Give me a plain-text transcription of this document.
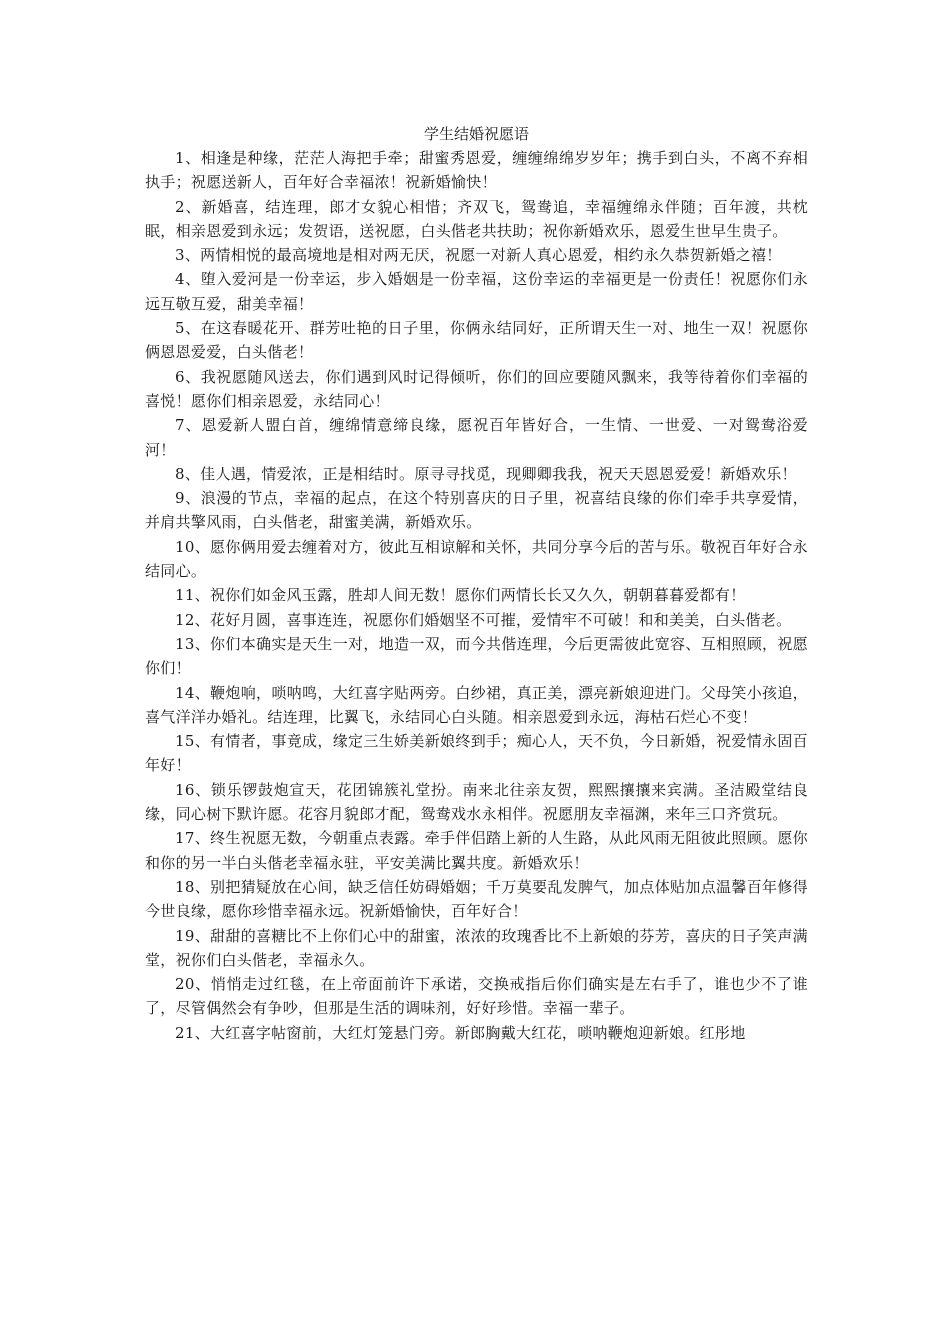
学生结婚祝愿语

1、相逢是种缘，茫茫人海把手牵；甜蜜秀恩爱，缠缠绵绵岁岁年；携手到白头，不离不弃相执手；祝愿送新人，百年好合幸福浓！祝新婚愉快！

2、新婚喜，结连理，郎才女貌心相惜；齐双飞，鸳鸯追，幸福缠绵永伴随；百年渡，共枕眠，相亲恩爱到永远；发贺语，送祝愿，白头偕老共扶助；祝你新婚欢乐，恩爱生世早生贵子。

3、两情相悦的最高境地是相对两无厌，祝愿一对新人真心恩爱，相约永久恭贺新婚之禧！

4、堕入爱河是一份幸运，步入婚姻是一份幸福，这份幸运的幸福更是一份责任！祝愿你们永远互敬互爱，甜美幸福！

5、在这春暖花开、群芳吐艳的日子里，你俩永结同好，正所谓天生一对、地生一双！祝愿你俩恩恩爱爱，白头偕老！

6、我祝愿随风送去，你们遇到风时记得倾听，你们的回应要随风飘来，我等待着你们幸福的喜悦！愿你们相亲恩爱，永结同心！

7、恩爱新人盟白首，缠绵情意缔良缘，愿祝百年皆好合，一生情、一世爱、一对鸳鸯浴爱河！

8、佳人遇，情爱浓，正是相结时。原寻寻找觅，现卿卿我我，祝天天恩恩爱爱！新婚欢乐！

9、浪漫的节点，幸福的起点，在这个特别喜庆的日子里，祝喜结良缘的你们牵手共享爱情，并肩共擎风雨，白头偕老，甜蜜美满，新婚欢乐。

10、愿你俩用爱去缠着对方，彼此互相谅解和关怀，共同分享今后的苦与乐。敬祝百年好合永结同心。

11、祝你们如金风玉露，胜却人间无数！愿你们两情长长又久久，朝朝暮暮爱都有！

12、花好月圆，喜事连连，祝愿你们婚姻坚不可摧，爱情牢不可破！和和美美，白头偕老。

13、你们本确实是天生一对，地造一双，而今共偕连理，今后更需彼此宽容、互相照顾，祝愿你们！

14、鞭炮响，唢呐鸣，大红喜字贴两旁。白纱裙，真正美，漂亮新娘迎进门。父母笑小孩追，喜气洋洋办婚礼。结连理，比翼飞，永结同心白头随。相亲恩爱到永远，海枯石烂心不变！

15、有情者，事竟成，缘定三生娇美新娘终到手；痴心人，天不负，今日新婚，祝爱情永固百年好！

16、锁乐锣鼓炮宣天，花团锦簇礼堂扮。南来北往亲友贺，熙熙攘攘来宾满。圣洁殿堂结良缘，同心树下默许愿。花容月貌郎才配，鸳鸯戏水永相伴。祝愿朋友幸福渊，来年三口齐赏玩。

17、终生祝愿无数，今朝重点表露。牵手伴侣踏上新的人生路，从此风雨无阻彼此照顾。愿你和你的另一半白头偕老幸福永驻，平安美满比翼共度。新婚欢乐！

18、别把猜疑放在心间，缺乏信任妨碍婚姻；千万莫要乱发脾气，加点体贴加点温馨百年修得今世良缘，愿你珍惜幸福永远。祝新婚愉快，百年好合！

19、甜甜的喜糖比不上你们心中的甜蜜，浓浓的玫瑰香比不上新娘的芬芳，喜庆的日子笑声满堂，祝你们白头偕老，幸福永久。

20、悄悄走过红毯，在上帝面前许下承诺，交换戒指后你们确实是左右手了，谁也少不了谁了，尽管偶然会有争吵，但那是生活的调味剂，好好珍惜。幸福一辈子。

21、大红喜字帖窗前，大红灯笼悬门旁。新郎胸戴大红花，唢呐鞭炮迎新娘。红彤地
